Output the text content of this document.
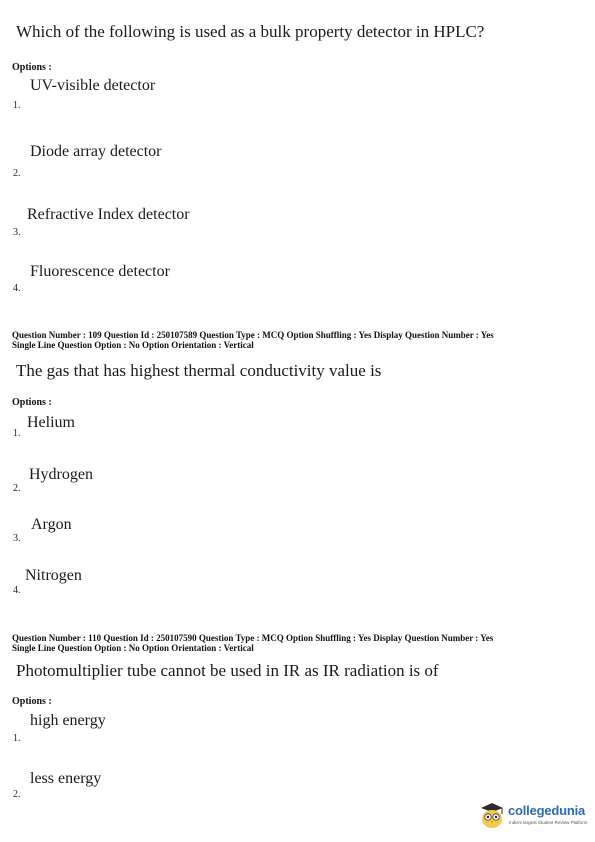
Which of the following is used as a bulk property detector in HPLC?
Options :
UV-visible detector
1.
Diode array detector
2.
Refractive Index detector
3.
Fluorescence detector
4.
Question Number : 109 Question Id : 250107589 Question Type : MCQ Option Shuffling : Yes Display Question Number : Yes
Single Line Question Option : No Option Orientation : Vertical
The gas that has highest thermal conductivity value is
Options :
Helium
1.
Hydrogen
2.
Argon
3.
Nitrogen
4.
Question Number : 110 Question Id : 250107590 Question Type : MCQ Option Shuffling : Yes Display Question Number : Yes
Single Line Question Option : No Option Orientation : Vertical
Photomultiplier tube cannot be used in IR as IR radiation is of
Options :
high energy
1.
less energy
2.
collegedunia
India's largest Student Review Platform
